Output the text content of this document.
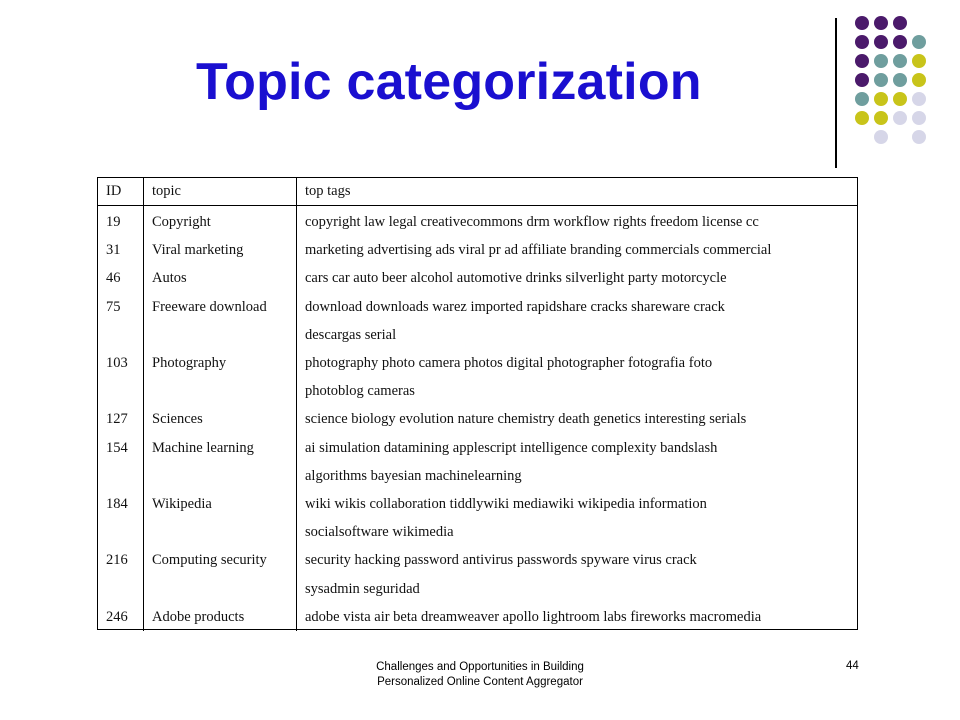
Topic categorization
ID	topic	top tags
19	Copyright	copyright law legal creativecommons drm workflow rights freedom license cc
31	Viral marketing	marketing advertising ads viral pr ad affiliate branding commercials commercial
46	Autos	cars car auto beer alcohol automotive drinks silverlight party motorcycle
75	Freeware download	download downloads warez imported rapidshare cracks shareware crack
		descargas serial
103	Photography	photography photo camera photos digital photographer fotografia foto
		photoblog cameras
127	Sciences	science biology evolution nature chemistry death genetics interesting serials
154	Machine learning	ai simulation datamining applescript intelligence complexity bandslash
		algorithms bayesian machinelearning
184	Wikipedia	wiki wikis collaboration tiddlywiki mediawiki wikipedia information
		socialsoftware wikimedia
216	Computing security	security hacking password antivirus passwords spyware virus crack
		sysadmin seguridad
246	Adobe products	adobe vista air beta dreamweaver apollo lightroom labs fireworks macromedia
Challenges and Opportunities in Building
Personalized Online Content Aggregator
44
